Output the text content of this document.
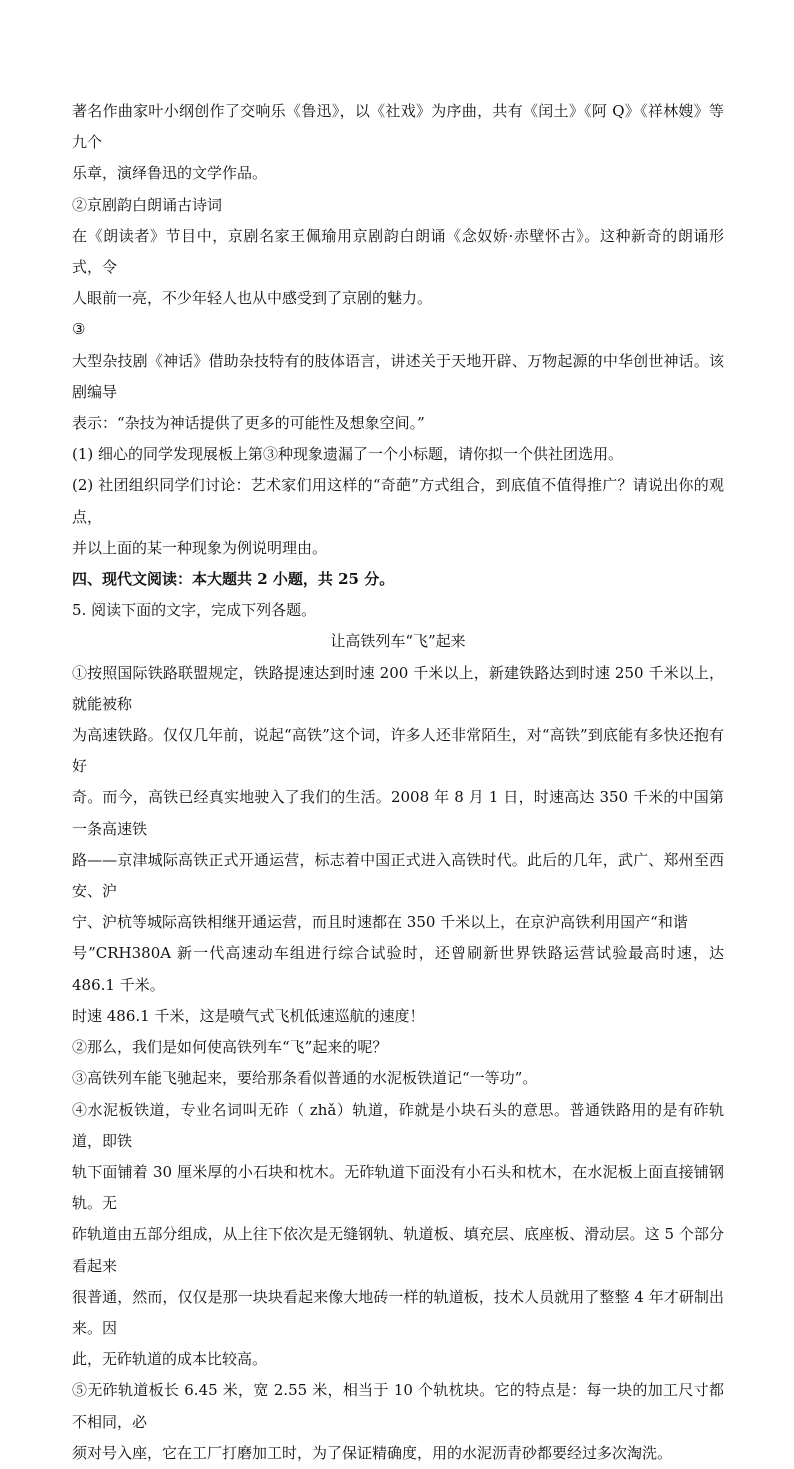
著名作曲家叶小纲创作了交响乐《鲁迅》，以《社戏》为序曲，共有《闰土》《阿 Q》《祥林嫂》等九个

乐章，演绎鲁迅的文学作品。

②京剧韵白朗诵古诗词

在《朗读者》节目中，京剧名家王佩瑜用京剧韵白朗诵《念奴娇·赤壁怀古》。这种新奇的朗诵形式，令

人眼前一亮，不少年轻人也从中感受到了京剧的魅力。

③

大型杂技剧《神话》借助杂技特有的肢体语言，讲述关于天地开辟、万物起源的中华创世神话。该剧编导

表示：“杂技为神话提供了更多的可能性及想象空间。”

(1) 细心的同学发现展板上第③种现象遗漏了一个小标题，请你拟一个供社团选用。

(2) 社团组织同学们讨论：艺术家们用这样的“奇葩”方式组合，到底值不值得推广？请说出你的观点，

并以上面的某一种现象为例说明理由。

四、现代文阅读：本大题共 2 小题，共 25 分。

5. 阅读下面的文字，完成下列各题。

让高铁列车“飞”起来

①按照国际铁路联盟规定，铁路提速达到时速 200 千米以上，新建铁路达到时速 250 千米以上，就能被称

为高速铁路。仅仅几年前，说起“高铁”这个词，许多人还非常陌生，对“高铁”到底能有多快还抱有好

奇。而今，高铁已经真实地驶入了我们的生活。2008 年 8 月 1 日，时速高达 350 千米的中国第一条高速铁

路——京津城际高铁正式开通运营，标志着中国正式进入高铁时代。此后的几年，武广、郑州至西安、沪

宁、沪杭等城际高铁相继开通运营，而且时速都在 350 千米以上，在京沪高铁利用国产“和谐

号”CRH380A 新一代高速动车组进行综合试验时，还曾刷新世界铁路运营试验最高时速，达 486.1 千米。

时速 486.1 千米，这是喷气式飞机低速巡航的速度！

②那么，我们是如何使高铁列车“飞”起来的呢？

③高铁列车能飞驰起来，要给那条看似普通的水泥板铁道记“一等功”。

④水泥板铁道，专业名词叫无砟（ zhǎ）轨道，砟就是小块石头的意思。普通铁路用的是有砟轨道，即铁

轨下面铺着 30 厘米厚的小石块和枕木。无砟轨道下面没有小石头和枕木，在水泥板上面直接铺钢轨。无

砟轨道由五部分组成，从上往下依次是无缝钢轨、轨道板、填充层、底座板、滑动层。这 5 个部分看起来

很普通，然而，仅仅是那一块块看起来像大地砖一样的轨道板，技术人员就用了整整 4 年才研制出来。因

此，无砟轨道的成本比较高。

⑤无砟轨道板长 6.45 米，宽 2.55 米，相当于 10 个轨枕块。它的特点是：每一块的加工尺寸都不相同，必

须对号入座，它在工厂打磨加工时，为了保证精确度，用的水泥沥青砂都要经过多次淘洗。
